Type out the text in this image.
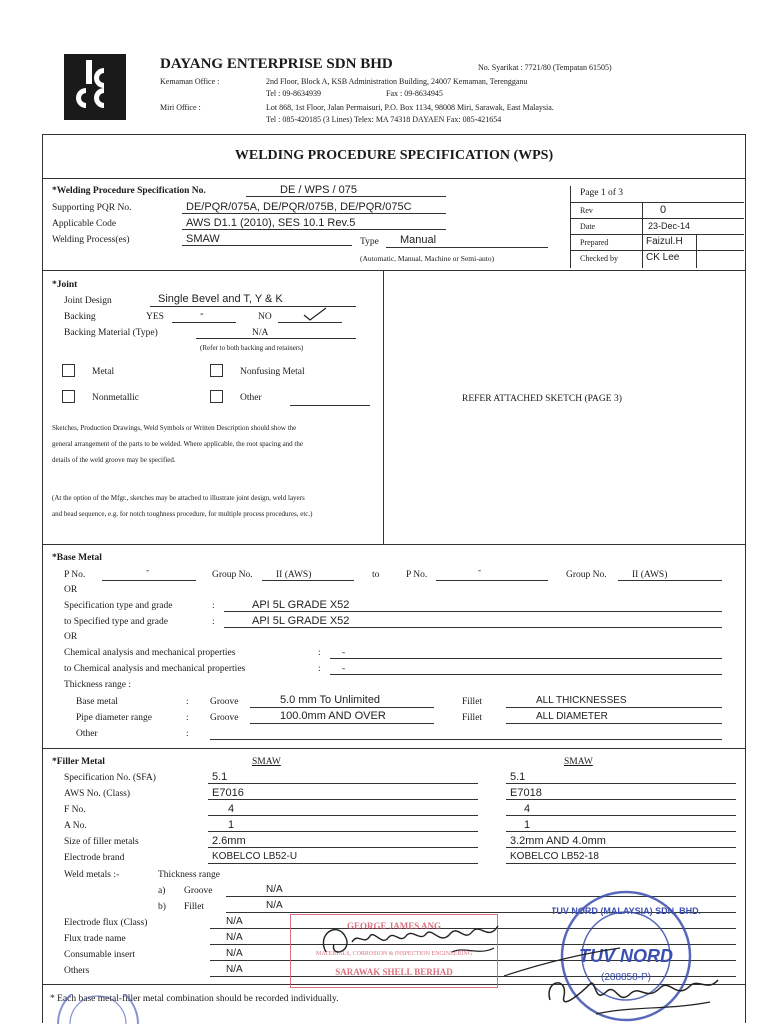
DAYANG ENTERPRISE SDN BHD	No. Syarikat : 7721/80 (Tempatan 61505)
Kemaman Office :	2nd Floor, Block A, KSB Administration Building, 24007 Kemaman, Terengganu
Tel : 09-8634939	Fax : 09-8634945
Miri Office :	Lot 868, 1st Floor, Jalan Permaisuri, P.O. Box 1134, 98008 Miri, Sarawak, East Malaysia.
Tel : 085-420185 (3 Lines) Telex: MA 74318 DAYAEN Fax: 085-421654
WELDING PROCEDURE SPECIFICATION (WPS)
*Welding Procedure Specification No.	DE / WPS / 075
Supporting PQR No.	DE/PQR/075A, DE/PQR/075B, DE/PQR/075C
Applicable Code	AWS D1.1 (2010), SES 10.1 Rev.5
Welding Process(es)	SMAW	Type Manual
(Automatic, Manual, Machine or Semi-auto)
Page 1 of 3
Rev	0
Date	23-Dec-14
Prepared	Faizul.H
Checked by	CK Lee
*Joint
Joint Design	Single Bevel and T, Y & K
Backing	YES	-	NO
Backing Material (Type)	N/A
(Refer to both backing and retainers)
Metal	Nonfusing Metal
Nonmetallic	Other
Sketches, Production Drawings, Weld Symbols or Written Description should show the general arrangement of the parts to be welded. Where applicable, the root spacing and the details of the weld groove may be specified.
(At the option of the Mfgr., sketches may be attached to illustrate joint design, weld layers and bead sequence, e.g. for notch toughness procedure, for multiple process procedures, etc.)
REFER ATTACHED SKETCH (PAGE 3)
*Base Metal
P No.	-	Group No. II (AWS)	to	P No.	-	Group No.	II (AWS)
OR
Specification type and grade	:	API 5L GRADE X52
to Specified type and grade	:	API 5L GRADE X52
OR
Chemical analysis and mechanical properties	: -
to Chemical analysis and mechanical properties	: -
Thickness range :
Base metal	: Groove	5.0 mm To Unlimited	Fillet	ALL THICKNESSES
Pipe diameter range	: Groove	100.0mm AND OVER	Fillet	ALL DIAMETER
Other	:
*Filler Metal	SMAW	SMAW
Specification No. (SFA)	5.1	5.1
AWS No. (Class)	E7016	E7018
F No.	4	4
A No.	1	1
Size of filler metals	2.6mm	3.2mm AND 4.0mm
Electrode brand	KOBELCO LB52-U	KOBELCO LB52-18
Weld metals :-	Thickness range
a) Groove	N/A
b) Fillet	N/A
Electrode flux (Class)	N/A
Flux trade name	N/A
Consumable insert	N/A
Others	N/A
* Each base metal-filler metal combination should be recorded individually.
GEORGE JAMES ANG
MATERIALS, CORROSION & INSPECTION ENGINEERING
SARAWAK SHELL BERHAD
TUV NORD (MALAYSIA) SDN. BHD.
TUV NORD
(288858-P)
